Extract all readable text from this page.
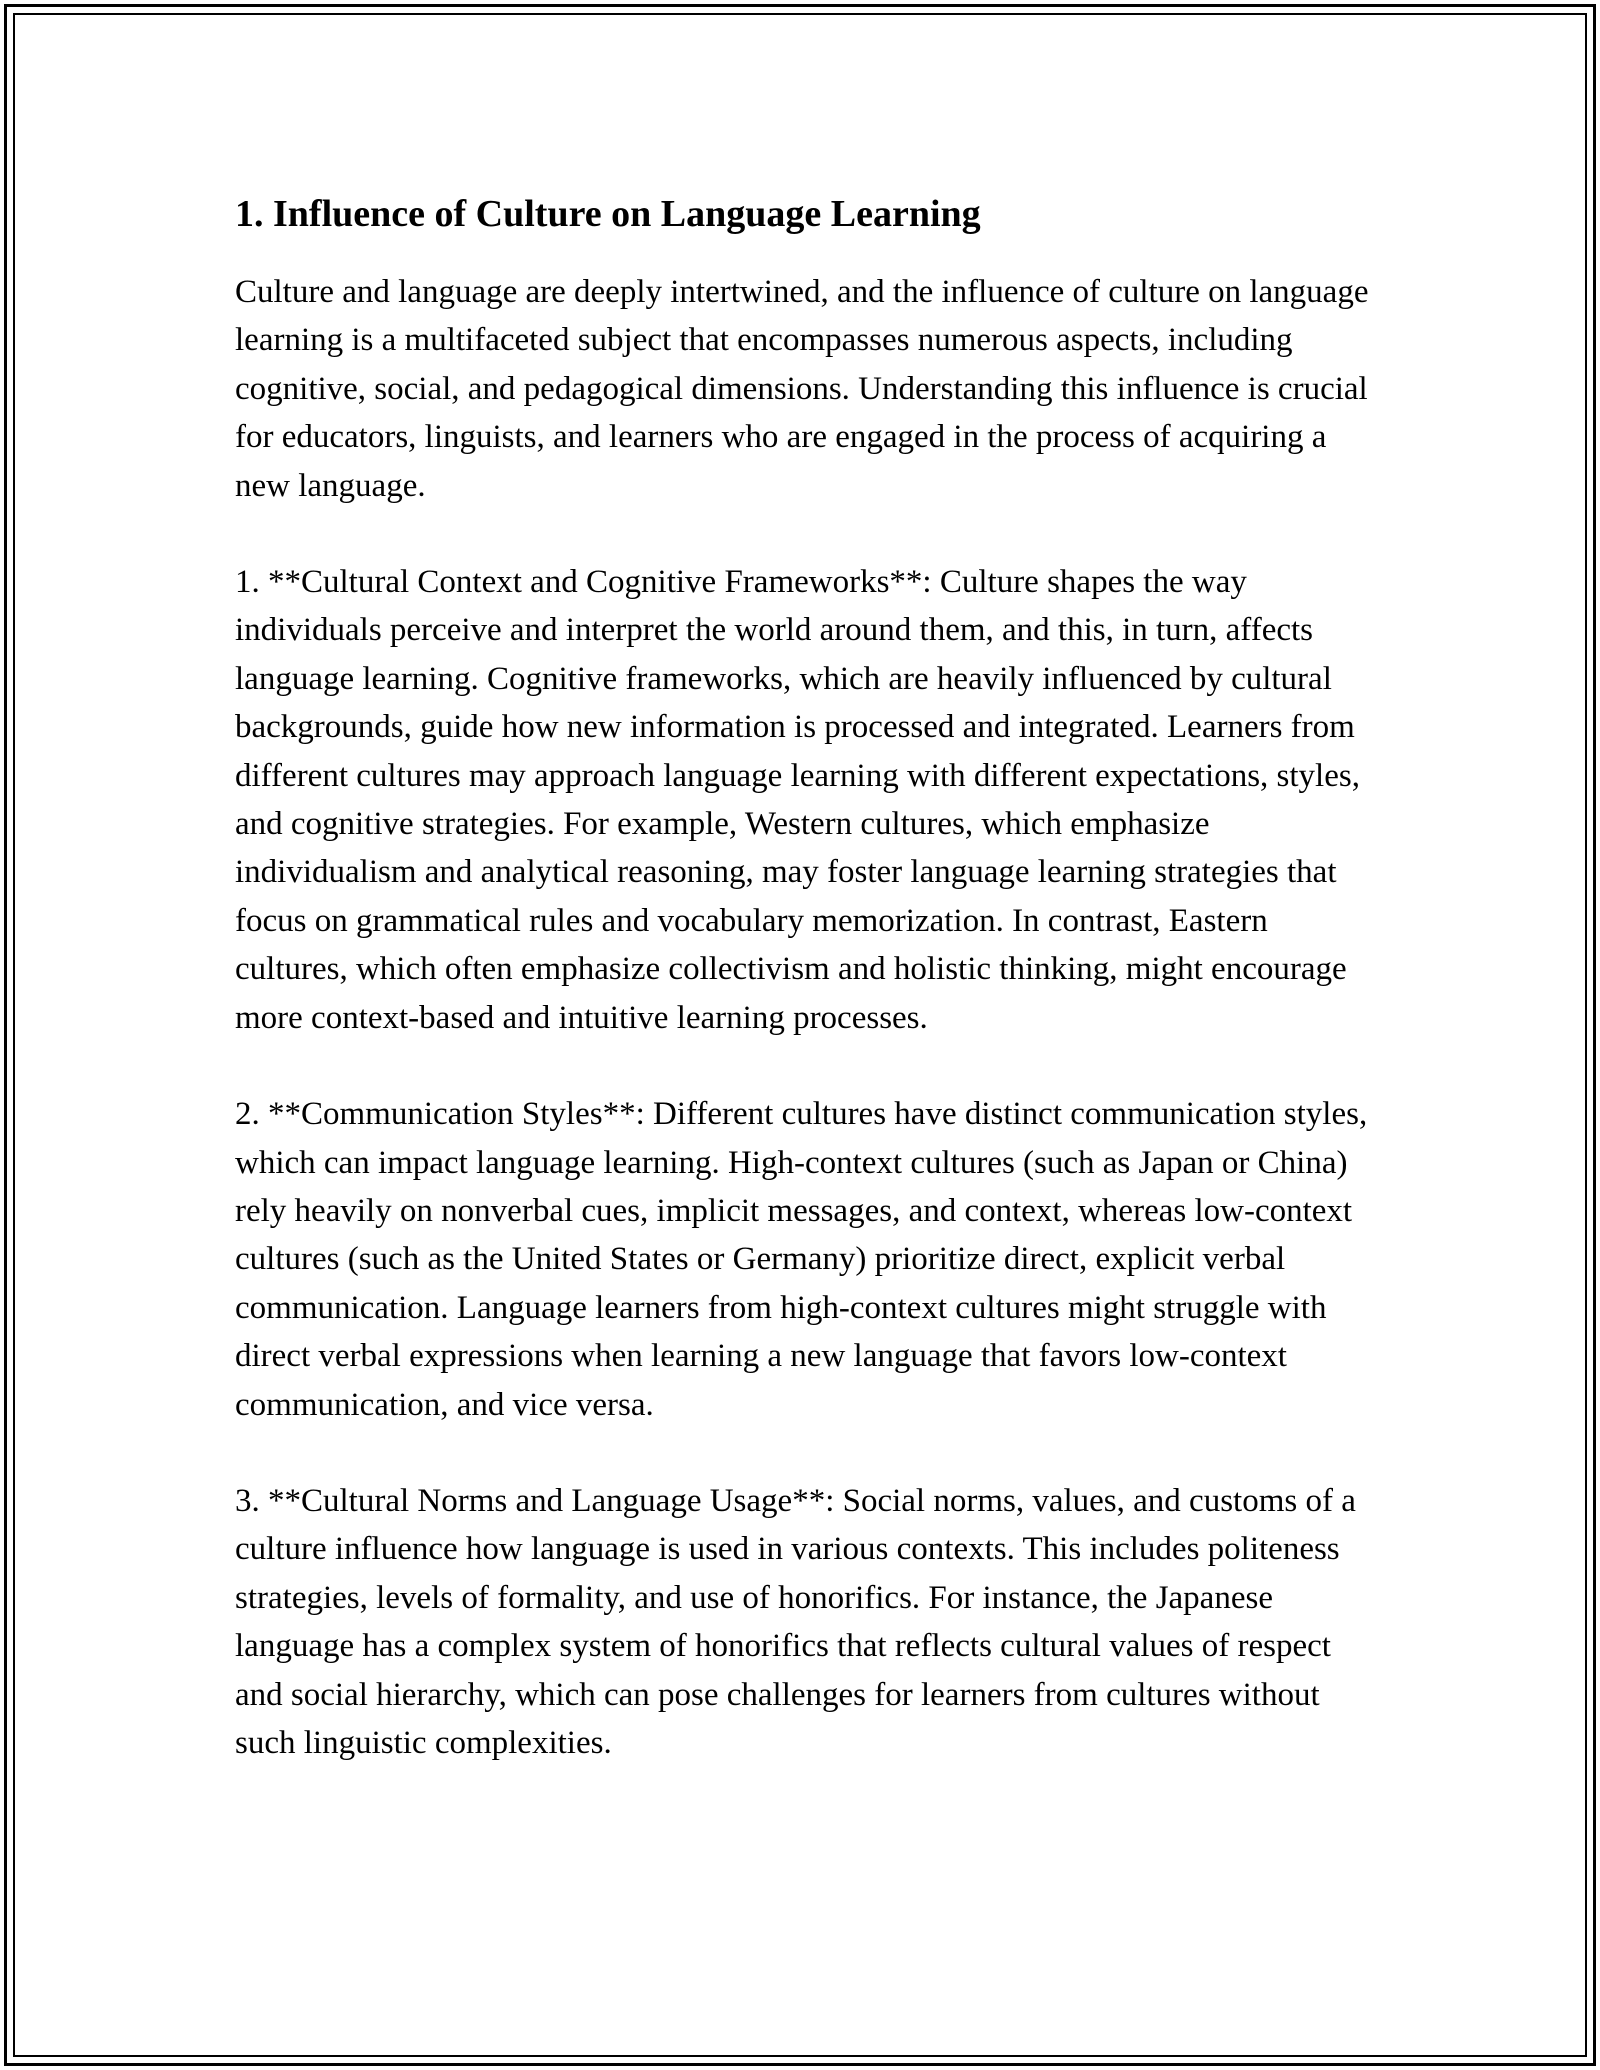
1. Influence of Culture on Language Learning

Culture and language are deeply intertwined, and the influence of culture on language learning is a multifaceted subject that encompasses numerous aspects, including cognitive, social, and pedagogical dimensions. Understanding this influence is crucial for educators, linguists, and learners who are engaged in the process of acquiring a new language.

1. **Cultural Context and Cognitive Frameworks**: Culture shapes the way individuals perceive and interpret the world around them, and this, in turn, affects language learning. Cognitive frameworks, which are heavily influenced by cultural backgrounds, guide how new information is processed and integrated. Learners from different cultures may approach language learning with different expectations, styles, and cognitive strategies. For example, Western cultures, which emphasize individualism and analytical reasoning, may foster language learning strategies that focus on grammatical rules and vocabulary memorization. In contrast, Eastern cultures, which often emphasize collectivism and holistic thinking, might encourage more context-based and intuitive learning processes.

2. **Communication Styles**: Different cultures have distinct communication styles, which can impact language learning. High-context cultures (such as Japan or China) rely heavily on nonverbal cues, implicit messages, and context, whereas low-context cultures (such as the United States or Germany) prioritize direct, explicit verbal communication. Language learners from high-context cultures might struggle with direct verbal expressions when learning a new language that favors low-context communication, and vice versa.

3. **Cultural Norms and Language Usage**: Social norms, values, and customs of a culture influence how language is used in various contexts. This includes politeness strategies, levels of formality, and use of honorifics. For instance, the Japanese language has a complex system of honorifics that reflects cultural values of respect and social hierarchy, which can pose challenges for learners from cultures without such linguistic complexities.
